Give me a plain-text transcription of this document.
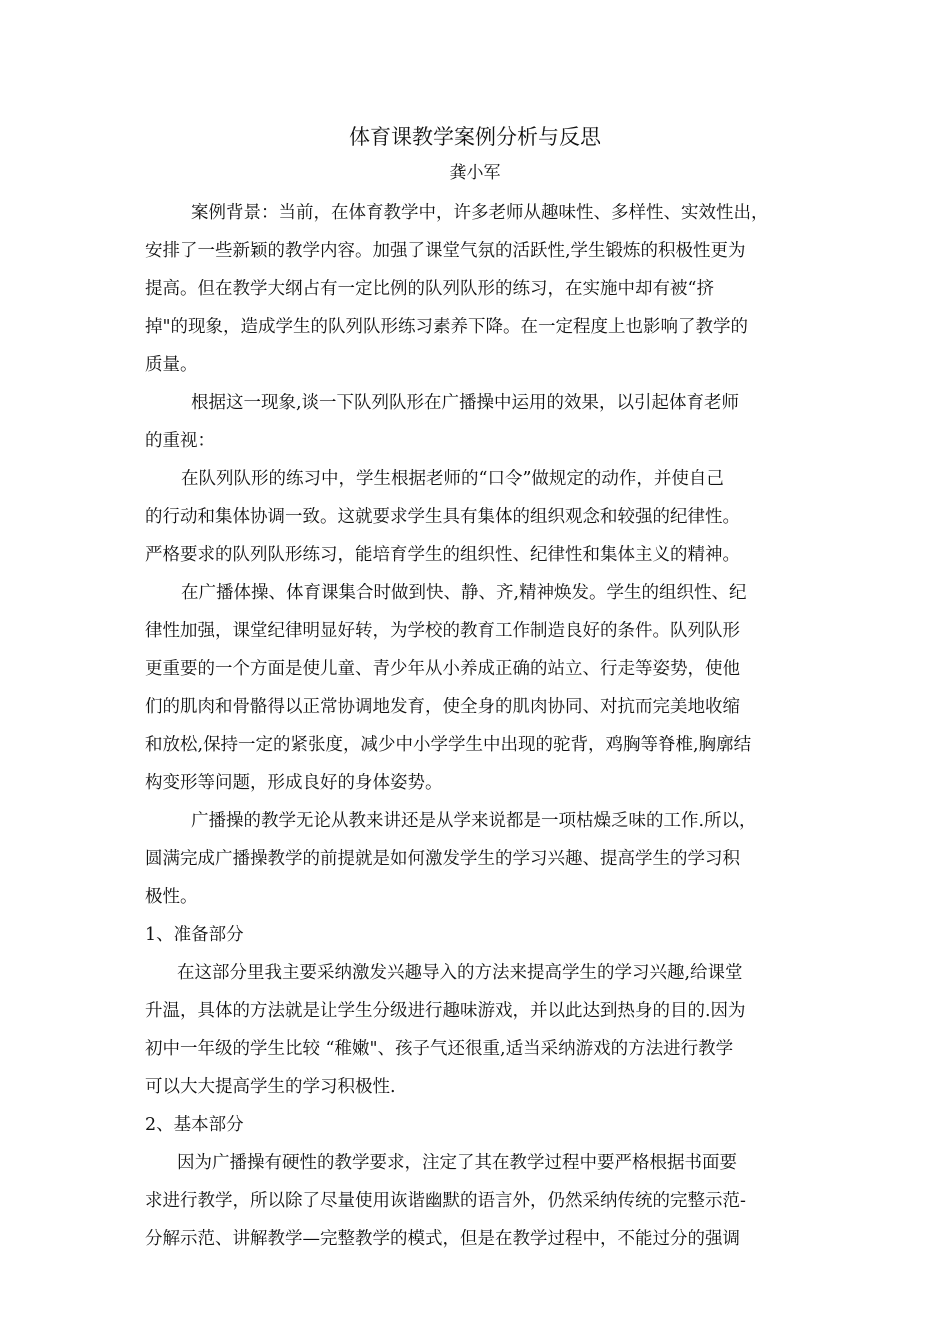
体育课教学案例分析与反思
龚小军
案例背景：当前，在体育教学中，许多老师从趣味性、多样性、实效性出，
安排了一些新颖的教学内容。加强了课堂气氛的活跃性,学生锻炼的积极性更为
提高。但在教学大纲占有一定比例的队列队形的练习，在实施中却有被“挤
掉"的现象，造成学生的队列队形练习素养下降。在一定程度上也影响了教学的
质量。
根据这一现象,谈一下队列队形在广播操中运用的效果，以引起体育老师
的重视：
在队列队形的练习中，学生根据老师的“口令”做规定的动作，并使自己
的行动和集体协调一致。这就要求学生具有集体的组织观念和较强的纪律性。
严格要求的队列队形练习，能培育学生的组织性、纪律性和集体主义的精神。
在广播体操、体育课集合时做到快、静、齐,精神焕发。学生的组织性、纪
律性加强，课堂纪律明显好转，为学校的教育工作制造良好的条件。队列队形
更重要的一个方面是使儿童、青少年从小养成正确的站立、行走等姿势，使他
们的肌肉和骨骼得以正常协调地发育，使全身的肌肉协同、对抗而完美地收缩
和放松,保持一定的紧张度，减少中小学学生中出现的驼背，鸡胸等脊椎,胸廓结
构变形等问题，形成良好的身体姿势。
广播操的教学无论从教来讲还是从学来说都是一项枯燥乏味的工作.所以，
圆满完成广播操教学的前提就是如何激发学生的学习兴趣、提高学生的学习积
极性。
1、准备部分
在这部分里我主要采纳激发兴趣导入的方法来提高学生的学习兴趣,给课堂
升温，具体的方法就是让学生分级进行趣味游戏，并以此达到热身的目的.因为
初中一年级的学生比较 “稚嫩"、孩子气还很重,适当采纳游戏的方法进行教学
可以大大提高学生的学习积极性.
2、基本部分
因为广播操有硬性的教学要求，注定了其在教学过程中要严格根据书面要
求进行教学，所以除了尽量使用诙谐幽默的语言外，仍然采纳传统的完整示范-
分解示范、讲解教学—完整教学的模式，但是在教学过程中，不能过分的强调
